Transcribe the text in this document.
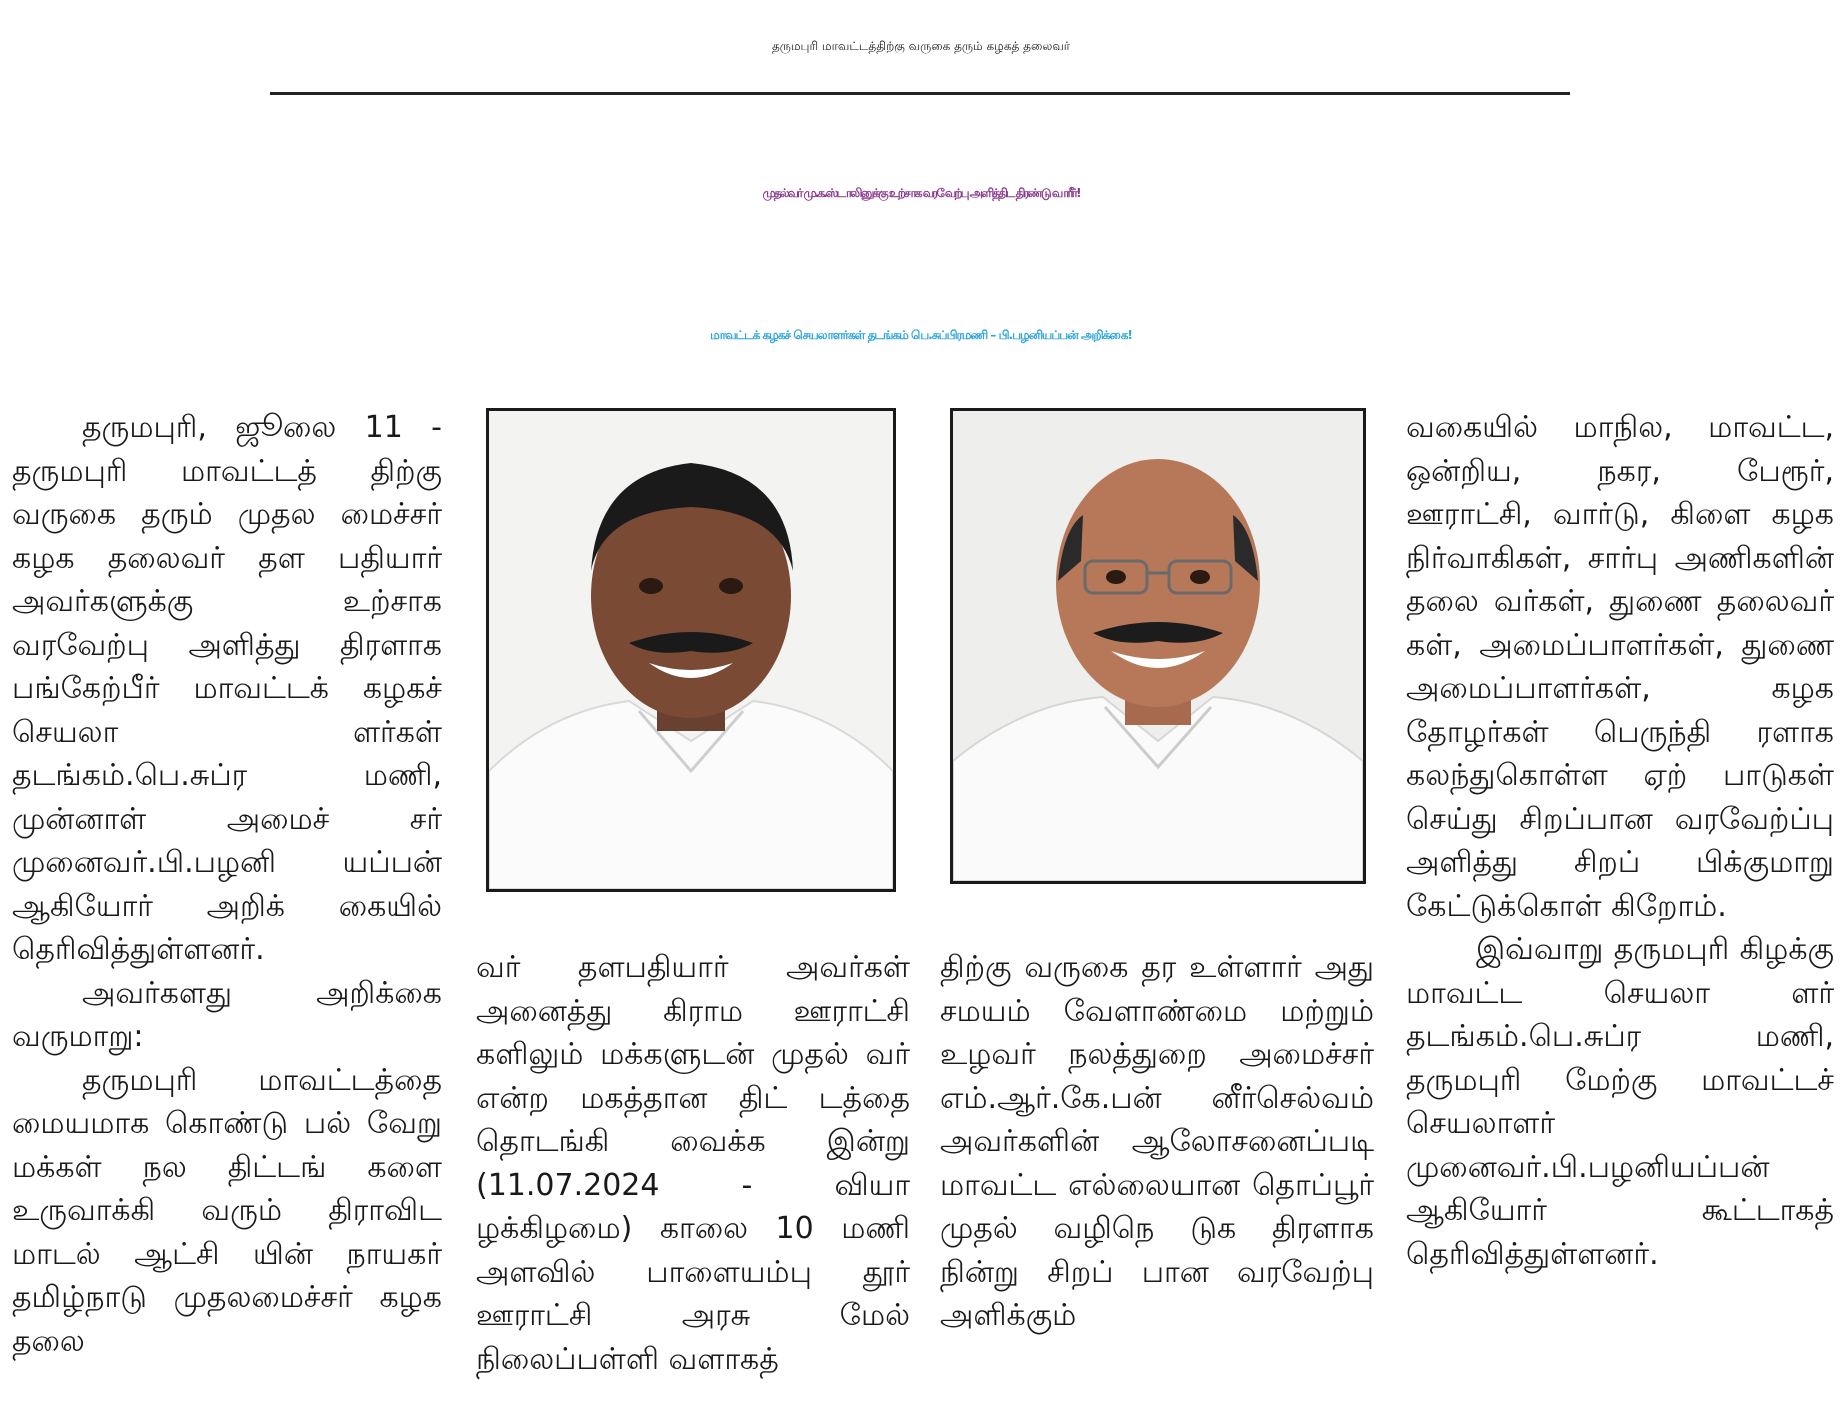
தருமபுரி மாவட்டத்திற்கு வருகை தரும் கழகத் தலைவர்
முதல்வர் மு.க.ஸ்டாலினுக்கு உற்சாக வரவேற்பு அளித்திட திரண்டு வாரீர்!
மாவட்டக் கழகச் செயலாளர்கள் தடங்கம் பெ.சுப்பிரமணி – பி.பழனியப்பன் அறிக்கை!

தருமபுரி, ஜூலை 11 - தருமபுரி மாவட்டத் திற்கு வருகை தரும் முதல மைச்சர் கழக தலைவர் தள பதியார் அவர்களுக்கு உற்சாக வரவேற்பு அளித்து திரளாக பங்கேற்பீர் மாவட்டக் கழகச் செயலா ளர்கள் தடங்கம்.பெ.சுப்ர மணி, முன்னாள் அமைச் சர் முனைவர்.பி.பழனி யப்பன் ஆகியோர் அறிக் கையில் தெரிவித்துள்ளனர்.

அவர்களது அறிக்கை வருமாறு:

தருமபுரி மாவட்டத்தை மையமாக கொண்டு பல் வேறு மக்கள் நல திட்டங் களை உருவாக்கி வரும் திராவிட மாடல் ஆட்சி யின் நாயகர் தமிழ்நாடு முதலமைச்சர் கழக தலை

வர் தளபதியார் அவர்கள் அனைத்து கிராம ஊராட்சி களிலும் மக்களுடன் முதல் வர் என்ற மகத்தான திட் டத்தை தொடங்கி வைக்க இன்று (11.07.2024 - வியா ழக்கிழமை) காலை 10 மணி அளவில் பாளையம்பு தூர் ஊராட்சி அரசு மேல் நிலைப்பள்ளி வளாகத்

திற்கு வருகை தர உள்ளார் அது சமயம் வேளாண்மை மற்றும் உழவர் நலத்துறை அமைச்சர் எம்.ஆர்.கே.பன் னீர்செல்வம் அவர்களின் ஆலோசனைப்படி மாவட்ட எல்லையான தொப்பூர் முதல் வழிநெ டுக திரளாக நின்று சிறப் பான வரவேற்பு அளிக்கும்

வகையில் மாநில, மாவட்ட, ஒன்றிய, நகர, பேரூர், ஊராட்சி, வார்டு, கிளை கழக நிர்வாகிகள், சார்பு அணிகளின் தலை வர்கள், துணை தலைவர் கள், அமைப்பாளர்கள், துணை அமைப்பாளர்கள், கழக தோழர்கள் பெருந்தி ரளாக கலந்துகொள்ள ஏற் பாடுகள் செய்து சிறப்பான வரவேற்ப்பு அளித்து சிறப் பிக்குமாறு கேட்டுக்கொள் கிறோம்.

இவ்வாறு தருமபுரி கிழக்கு மாவட்ட செயலா ளர் தடங்கம்.பெ.சுப்ர மணி, தருமபுரி மேற்கு மாவட்டச் செயலாளர் முனைவர்.பி.பழனியப்பன் ஆகியோர் கூட்டாகத் தெரிவித்துள்ளனர்.
